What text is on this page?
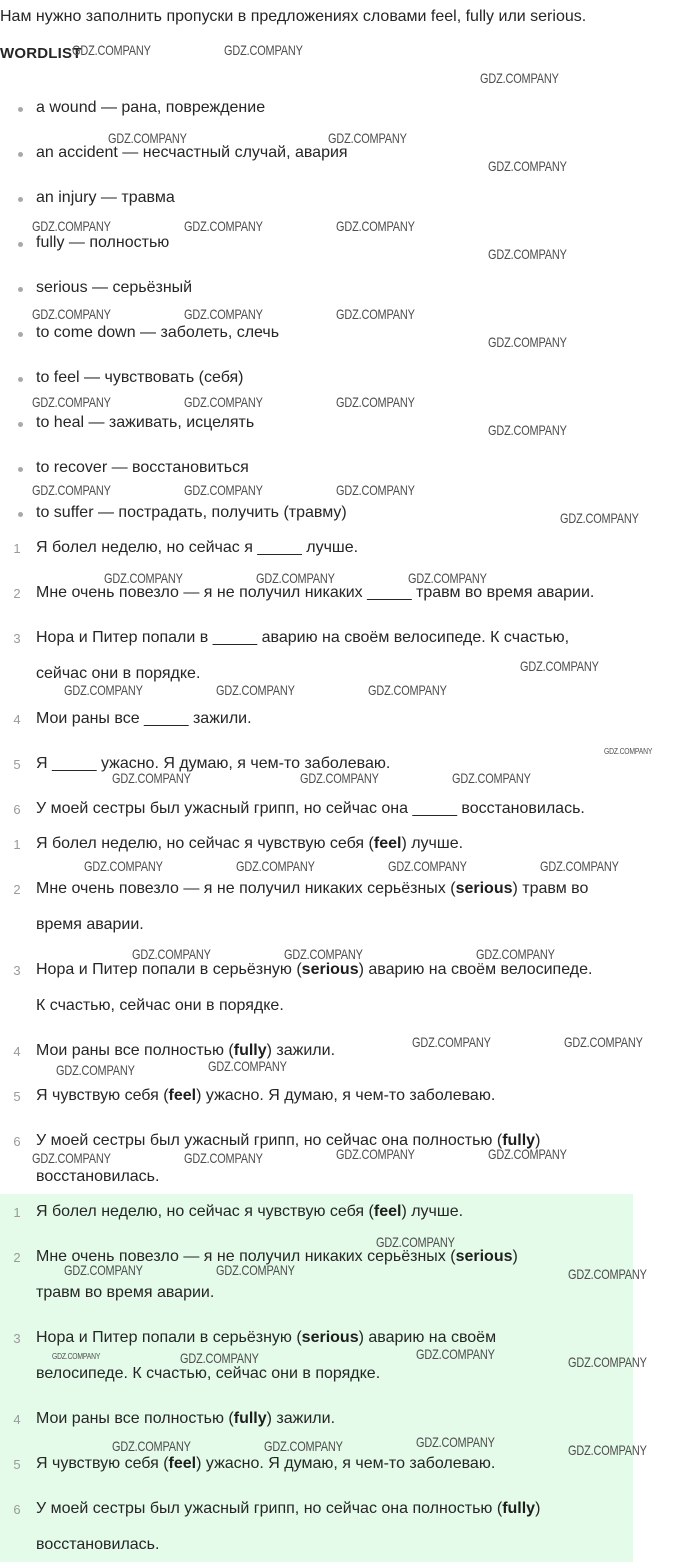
Нам нужно заполнить пропуски в предложениях словами feel, fully или serious.
WORDLIST
a wound — рана, повреждение
an accident — несчастный случай, авария
an injury — травма
fully — полностью
serious — серьёзный
to come down — заболеть, слечь
to feel — чувствовать (себя)
to heal — заживать, исцелять
to recover — восстановиться
to suffer — пострадать, получить (травму)
1 Я болел неделю, но сейчас я _____ лучше.
2 Мне очень повезло — я не получил никаких _____ травм во время аварии.
3 Нора и Питер попали в _____ аварию на своём велосипеде. К счастью,
сейчас они в порядке.
4 Мои раны все _____ зажили.
5 Я _____ ужасно. Я думаю, я чем-то заболеваю.
6 У моей сестры был ужасный грипп, но сейчас она _____ восстановилась.
1 Я болел неделю, но сейчас я чувствую себя (feel) лучше.
2 Мне очень повезло — я не получил никаких серьёзных (serious) травм во
время аварии.
3 Нора и Питер попали в серьёзную (serious) аварию на своём велосипеде.
К счастью, сейчас они в порядке.
4 Мои раны все полностью (fully) зажили.
5 Я чувствую себя (feel) ужасно. Я думаю, я чем-то заболеваю.
6 У моей сестры был ужасный грипп, но сейчас она полностью (fully)
восстановилась.
1 Я болел неделю, но сейчас я чувствую себя (feel) лучше.
2 Мне очень повезло — я не получил никаких серьёзных (serious)
травм во время аварии.
3 Нора и Питер попали в серьёзную (serious) аварию на своём
велосипеде. К счастью, сейчас они в порядке.
4 Мои раны все полностью (fully) зажили.
5 Я чувствую себя (feel) ужасно. Я думаю, я чем-то заболеваю.
6 У моей сестры был ужасный грипп, но сейчас она полностью (fully)
восстановилась.
GDZ.COMPANY	GDZ.COMPANY
GDZ.COMPANY
GDZ.COMPANY	GDZ.COMPANY
GDZ.COMPANY
GDZ.COMPANY	GDZ.COMPANY	GDZ.COMPANY
GDZ.COMPANY
GDZ.COMPANY	GDZ.COMPANY	GDZ.COMPANY
GDZ.COMPANY
GDZ.COMPANY	GDZ.COMPANY	GDZ.COMPANY
GDZ.COMPANY
GDZ.COMPANY	GDZ.COMPANY	GDZ.COMPANY
GDZ.COMPANY
GDZ.COMPANY	GDZ.COMPANY	GDZ.COMPANY
GDZ.COMPANY
GDZ.COMPANY	GDZ.COMPANY	GDZ.COMPANY
GDZ.COMPANY
GDZ.COMPANY	GDZ.COMPANY	GDZ.COMPANY
GDZ.COMPANY	GDZ.COMPANY	GDZ.COMPANY	GDZ.COMPANY
GDZ.COMPANY	GDZ.COMPANY	GDZ.COMPANY
GDZ.COMPANY	GDZ.COMPANY
GDZ.COMPANY	GDZ.COMPANY
GDZ.COMPANY	GDZ.COMPANY
GDZ.COMPANY	GDZ.COMPANY
GDZ.COMPANY
GDZ.COMPANY	GDZ.COMPANY	GDZ.COMPANY
GDZ.COMPANY	GDZ.COMPANY	GDZ.COMPANY	GDZ.COMPANY
GDZ.COMPANY	GDZ.COMPANY	GDZ.COMPANY	GDZ.COMPANY
